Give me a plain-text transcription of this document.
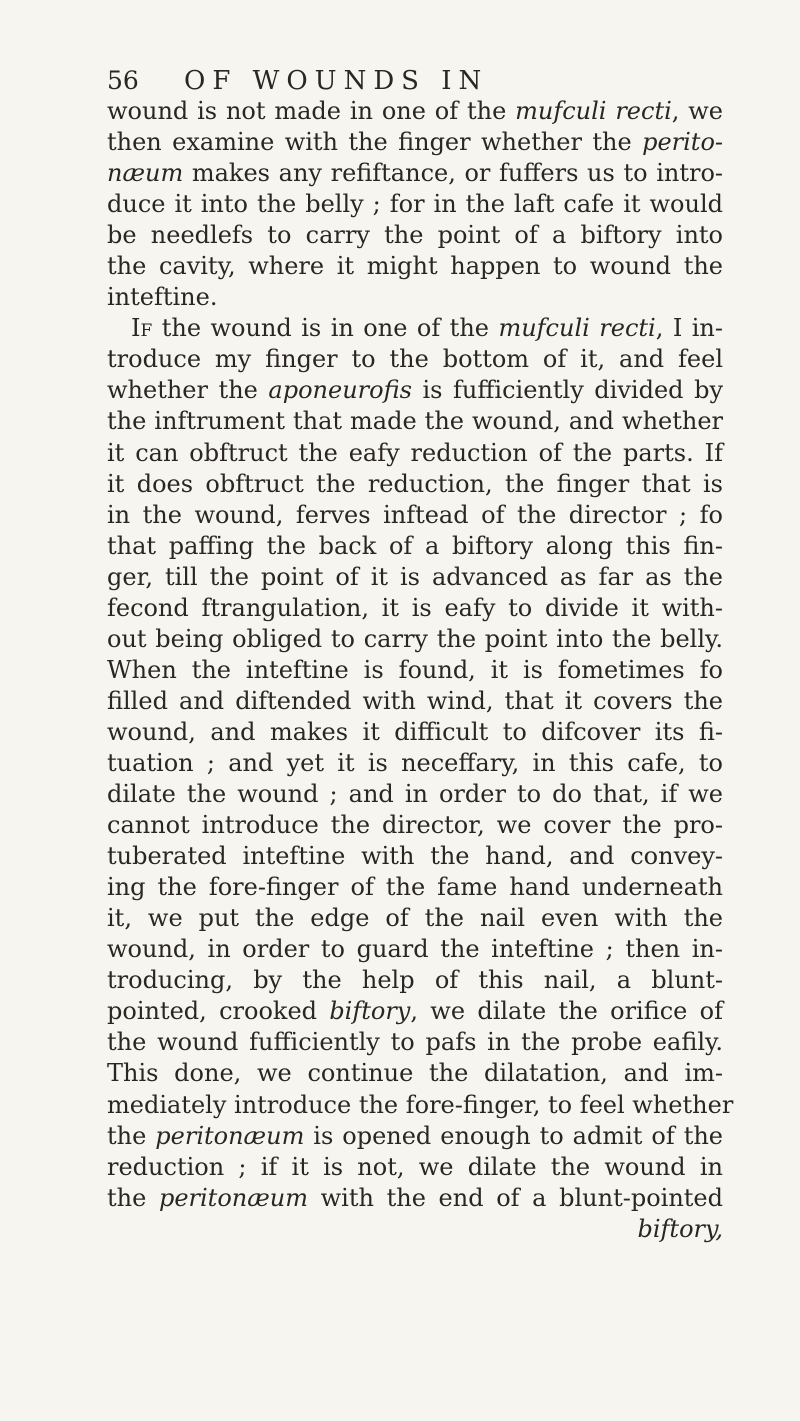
56 OF WOUNDS IN
wound is not made in one of the mufculi recti, we
then examine with the finger whether the perito-
næum makes any refiftance, or fuffers us to intro-
duce it into the belly ; for in the laft cafe it would
be needlefs to carry the point of a biftory into
the cavity, where it might happen to wound the
inteftine.
If the wound is in one of the mufculi recti, I in-
troduce my finger to the bottom of it, and feel
whether the aponeurofis is fufficiently divided by
the inftrument that made the wound, and whether
it can obftruct the eafy reduction of the parts. If
it does obftruct the reduction, the finger that is
in the wound, ferves inftead of the director ; fo
that paffing the back of a biftory along this fin-
ger, till the point of it is advanced as far as the
fecond ftrangulation, it is eafy to divide it with-
out being obliged to carry the point into the belly.
When the inteftine is found, it is fometimes fo
filled and diftended with wind, that it covers the
wound, and makes it difficult to difcover its fi-
tuation ; and yet it is neceffary, in this cafe, to
dilate the wound ; and in order to do that, if we
cannot introduce the director, we cover the pro-
tuberated inteftine with the hand, and convey-
ing the fore-finger of the fame hand underneath
it, we put the edge of the nail even with the
wound, in order to guard the inteftine ; then in-
troducing, by the help of this nail, a blunt-
pointed, crooked biftory, we dilate the orifice of
the wound fufficiently to pafs in the probe eafily.
This done, we continue the dilatation, and im-
mediately introduce the fore-finger, to feel whether
the peritonæum is opened enough to admit of the
reduction ; if it is not, we dilate the wound in
the peritonæum with the end of a blunt-pointed
biftory,
